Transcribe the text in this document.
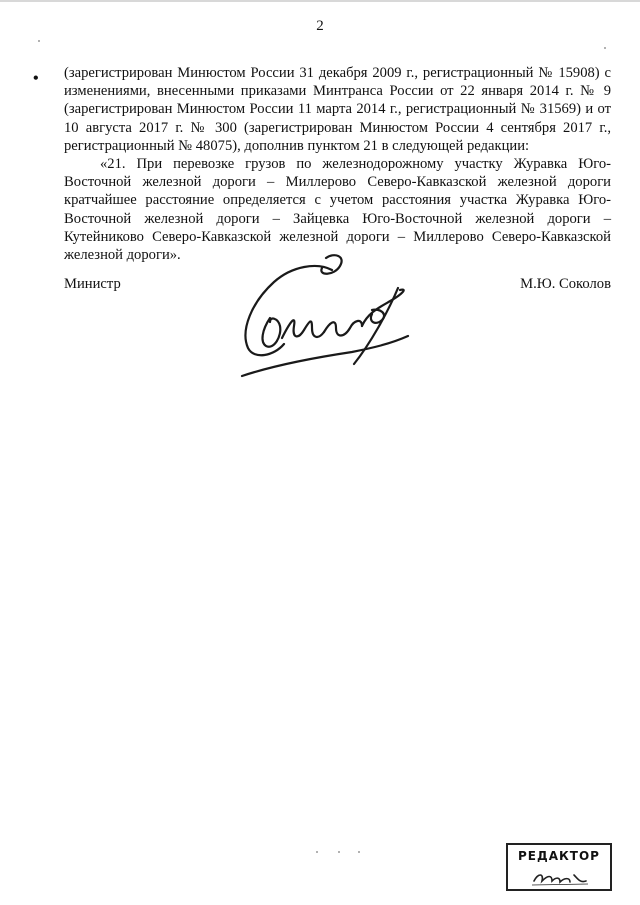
2
• (зарегистрирован Минюстом России 31 декабря 2009 г., регистрационный № 15908) с изменениями, внесенными приказами Минтранса России от 22 января 2014 г. № 9 (зарегистрирован Минюстом России 11 марта 2014 г., регистрационный № 31569) и от 10 августа 2017 г. № 300 (зарегистрирован Минюстом России 4 сентября 2017 г., регистрационный № 48075), дополнив пунктом 21 в следующей редакции:

«21. При перевозке грузов по железнодорожному участку Журавка Юго-Восточной железной дороги – Миллерово Северо-Кавказской железной дороги кратчайшее расстояние определяется с учетом расстояния участка Журавка Юго-Восточной железной дороги – Зайцевка Юго-Восточной железной дороги – Кутейниково Северо-Кавказской железной дороги – Миллерово Северо-Кавказской железной дороги».

Министр	М.Ю. Соколов
РЕДАКТОР
